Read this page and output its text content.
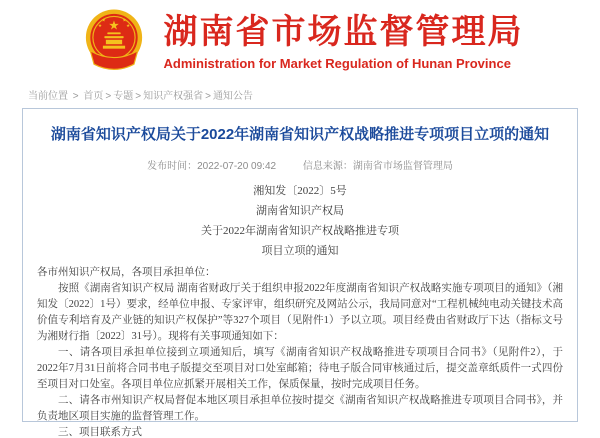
★
★	★
★	★ 湖南省市场监督管理局
Administration for Market Regulation of Hunan Province
当前位置 > 首页 > 专题 > 知识产权强省 > 通知公告
湖南省知识产权局关于2022年湖南省知识产权战略推进专项项目立项的通知
发布时间：2022-07-20 09:42	信息来源：湖南省市场监督管理局
湘知发〔2022〕5号
湖南省知识产权局
关于2022年湖南省知识产权战略推进专项
项目立项的通知

各市州知识产权局，各项目承担单位：

按照《湖南省知识产权局 湖南省财政厅关于组织申报2022年度湖南省知识产权战略实施专项项目的通知》（湘知发〔2022〕1号）要求，经单位申报、专家评审，组织研究及网站公示，我局同意对“工程机械纯电动关键技术高价值专利培育及产业链的知识产权保护”等327个项目（见附件1）予以立项。项目经费由省财政厅下达（指标文号为湘财行指〔2022〕31号）。现将有关事项通知如下：

一、请各项目承担单位接到立项通知后，填写《湖南省知识产权战略推进专项项目合同书》（见附件2），于2022年7月31日前将合同书电子版提交至项目对口处室邮箱；待电子版合同审核通过后，提交盖章纸质件一式四份至项目对口处室。各项目单位应抓紧开展相关工作，保质保量，按时完成项目任务。

二、请各市州知识产权局督促本地区项目承担单位按时提交《湖南省知识产权战略推进专项项目合同书》，并负责地区项目实施的监督管理工作。

三、项目联系方式
